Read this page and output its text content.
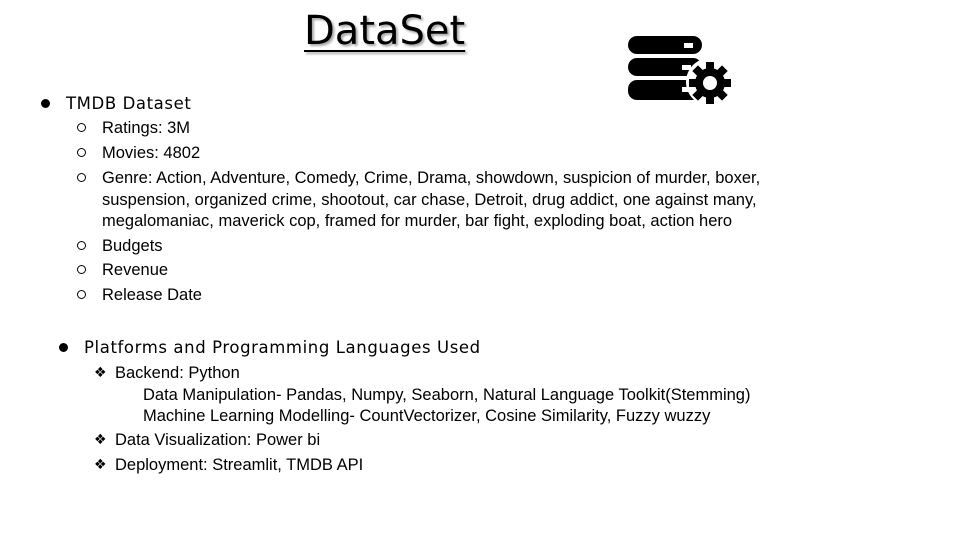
DataSet
TMDB Dataset
Ratings: 3M
Movies: 4802
Genre: Action, Adventure, Comedy, Crime, Drama, showdown, suspicion of murder, boxer, suspension, organized crime, shootout, car chase, Detroit, drug addict, one against many, megalomaniac, maverick cop, framed for murder, bar fight, exploding boat, action hero
Budgets
Revenue
Release Date
Platforms and Programming Languages Used
❖ Backend: Python
Data Manipulation- Pandas, Numpy, Seaborn, Natural Language Toolkit(Stemming)
Machine Learning Modelling- CountVectorizer, Cosine Similarity, Fuzzy wuzzy
❖ Data Visualization: Power bi
❖ Deployment: Streamlit, TMDB API
